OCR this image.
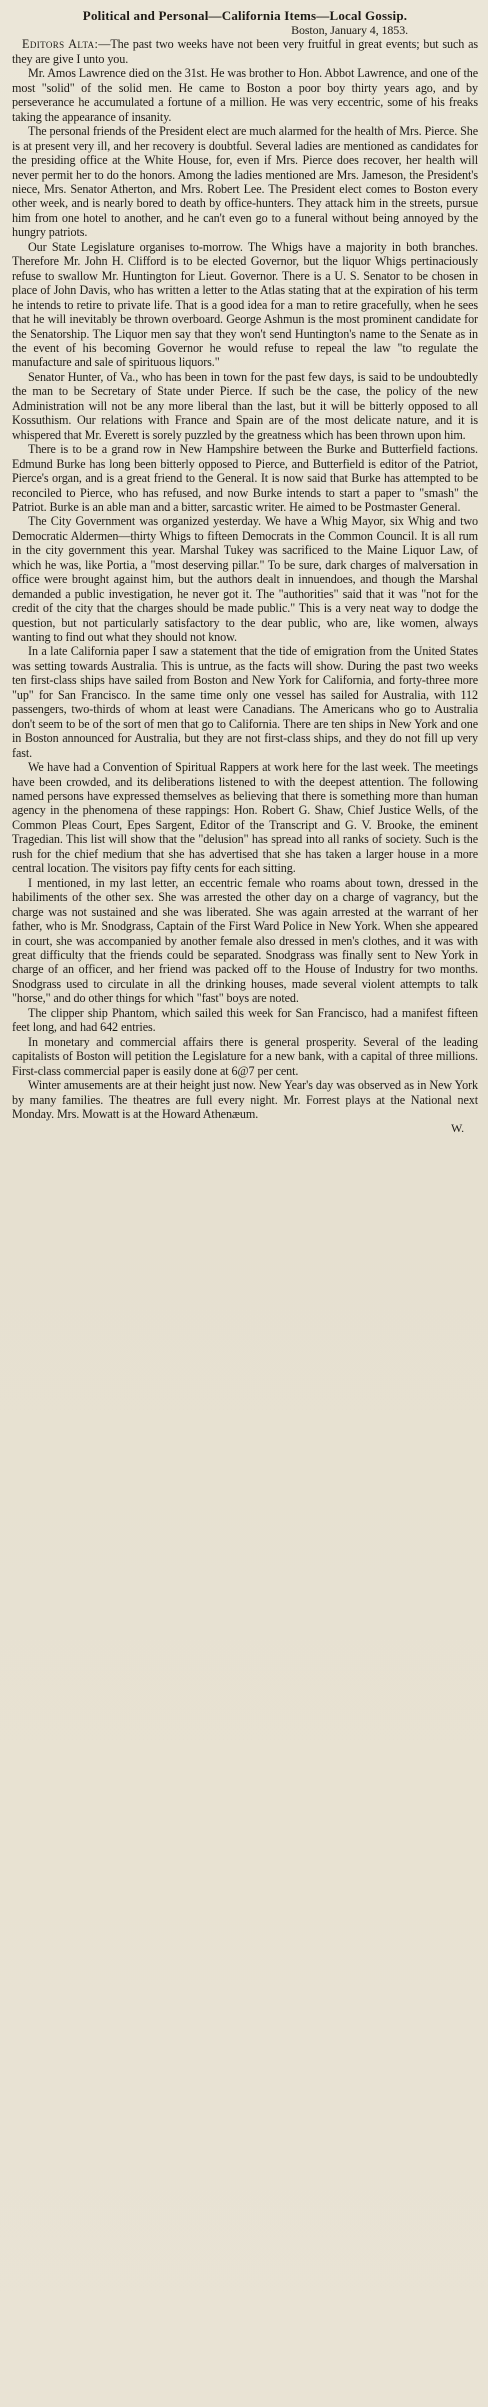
Political and Personal—California Items—Local Gossip.
Boston, January 4, 1853.

Editors Alta:—The past two weeks have not been very fruitful in great events; but such as they are give I unto you.

Mr. Amos Lawrence died on the 31st. He was brother to Hon. Abbot Lawrence, and one of the most "solid" of the solid men. He came to Boston a poor boy thirty years ago, and by perseverance he accumulated a fortune of a million. He was very eccentric, some of his freaks taking the appearance of insanity.

The personal friends of the President elect are much alarmed for the health of Mrs. Pierce. She is at present very ill, and her recovery is doubtful. Several ladies are mentioned as candidates for the presiding office at the White House, for, even if Mrs. Pierce does recover, her health will never permit her to do the honors. Among the ladies mentioned are Mrs. Jameson, the President's niece, Mrs. Senator Atherton, and Mrs. Robert Lee. The President elect comes to Boston every other week, and is nearly bored to death by office-hunters. They attack him in the streets, pursue him from one hotel to another, and he can't even go to a funeral without being annoyed by the hungry patriots.

Our State Legislature organises to-morrow. The Whigs have a majority in both branches. Therefore Mr. John H. Clifford is to be elected Governor, but the liquor Whigs pertinaciously refuse to swallow Mr. Huntington for Lieut. Governor. There is a U. S. Senator to be chosen in place of John Davis, who has written a letter to the Atlas stating that at the expiration of his term he intends to retire to private life. That is a good idea for a man to retire gracefully, when he sees that he will inevitably be thrown overboard. George Ashmun is the most prominent candidate for the Senatorship. The Liquor men say that they won't send Huntington's name to the Senate as in the event of his becoming Governor he would refuse to repeal the law "to regulate the manufacture and sale of spirituous liquors."

Senator Hunter, of Va., who has been in town for the past few days, is said to be undoubtedly the man to be Secretary of State under Pierce. If such be the case, the policy of the new Administration will not be any more liberal than the last, but it will be bitterly opposed to all Kossuthism. Our relations with France and Spain are of the most delicate nature, and it is whispered that Mr. Everett is sorely puzzled by the greatness which has been thrown upon him.

There is to be a grand row in New Hampshire between the Burke and Butterfield factions. Edmund Burke has long been bitterly opposed to Pierce, and Butterfield is editor of the Patriot, Pierce's organ, and is a great friend to the General. It is now said that Burke has attempted to be reconciled to Pierce, who has refused, and now Burke intends to start a paper to "smash" the Patriot. Burke is an able man and a bitter, sarcastic writer. He aimed to be Postmaster General.

The City Government was organized yesterday. We have a Whig Mayor, six Whig and two Democratic Aldermen—thirty Whigs to fifteen Democrats in the Common Council. It is all rum in the city government this year. Marshal Tukey was sacrificed to the Maine Liquor Law, of which he was, like Portia, a "most deserving pillar." To be sure, dark charges of malversation in office were brought against him, but the authors dealt in innuendoes, and though the Marshal demanded a public investigation, he never got it. The "authorities" said that it was "not for the credit of the city that the charges should be made public." This is a very neat way to dodge the question, but not particularly satisfactory to the dear public, who are, like women, always wanting to find out what they should not know.

In a late California paper I saw a statement that the tide of emigration from the United States was setting towards Australia. This is untrue, as the facts will show. During the past two weeks ten first-class ships have sailed from Boston and New York for California, and forty-three more "up" for San Francisco. In the same time only one vessel has sailed for Australia, with 112 passengers, two-thirds of whom at least were Canadians. The Americans who go to Australia don't seem to be of the sort of men that go to California. There are ten ships in New York and one in Boston announced for Australia, but they are not first-class ships, and they do not fill up very fast.

We have had a Convention of Spiritual Rappers at work here for the last week. The meetings have been crowded, and its deliberations listened to with the deepest attention. The following named persons have expressed themselves as believing that there is something more than human agency in the phenomena of these rappings: Hon. Robert G. Shaw, Chief Justice Wells, of the Common Pleas Court, Epes Sargent, Editor of the Transcript and G. V. Brooke, the eminent Tragedian. This list will show that the "delusion" has spread into all ranks of society. Such is the rush for the chief medium that she has advertised that she has taken a larger house in a more central location. The visitors pay fifty cents for each sitting.

I mentioned, in my last letter, an eccentric female who roams about town, dressed in the habiliments of the other sex. She was arrested the other day on a charge of vagrancy, but the charge was not sustained and she was liberated. She was again arrested at the warrant of her father, who is Mr. Snodgrass, Captain of the First Ward Police in New York. When she appeared in court, she was accompanied by another female also dressed in men's clothes, and it was with great difficulty that the friends could be separated. Snodgrass was finally sent to New York in charge of an officer, and her friend was packed off to the House of Industry for two months. Snodgrass used to circulate in all the drinking houses, made several violent attempts to talk "horse," and do other things for which "fast" boys are noted.

The clipper ship Phantom, which sailed this week for San Francisco, had a manifest fifteen feet long, and had 642 entries.

In monetary and commercial affairs there is general prosperity. Several of the leading capitalists of Boston will petition the Legislature for a new bank, with a capital of three millions. First-class commercial paper is easily done at 6@7 per cent.

Winter amusements are at their height just now. New Year's day was observed as in New York by many families. The theatres are full every night. Mr. Forrest plays at the National next Monday. Mrs. Mowatt is at the Howard Athenæum.

W.
